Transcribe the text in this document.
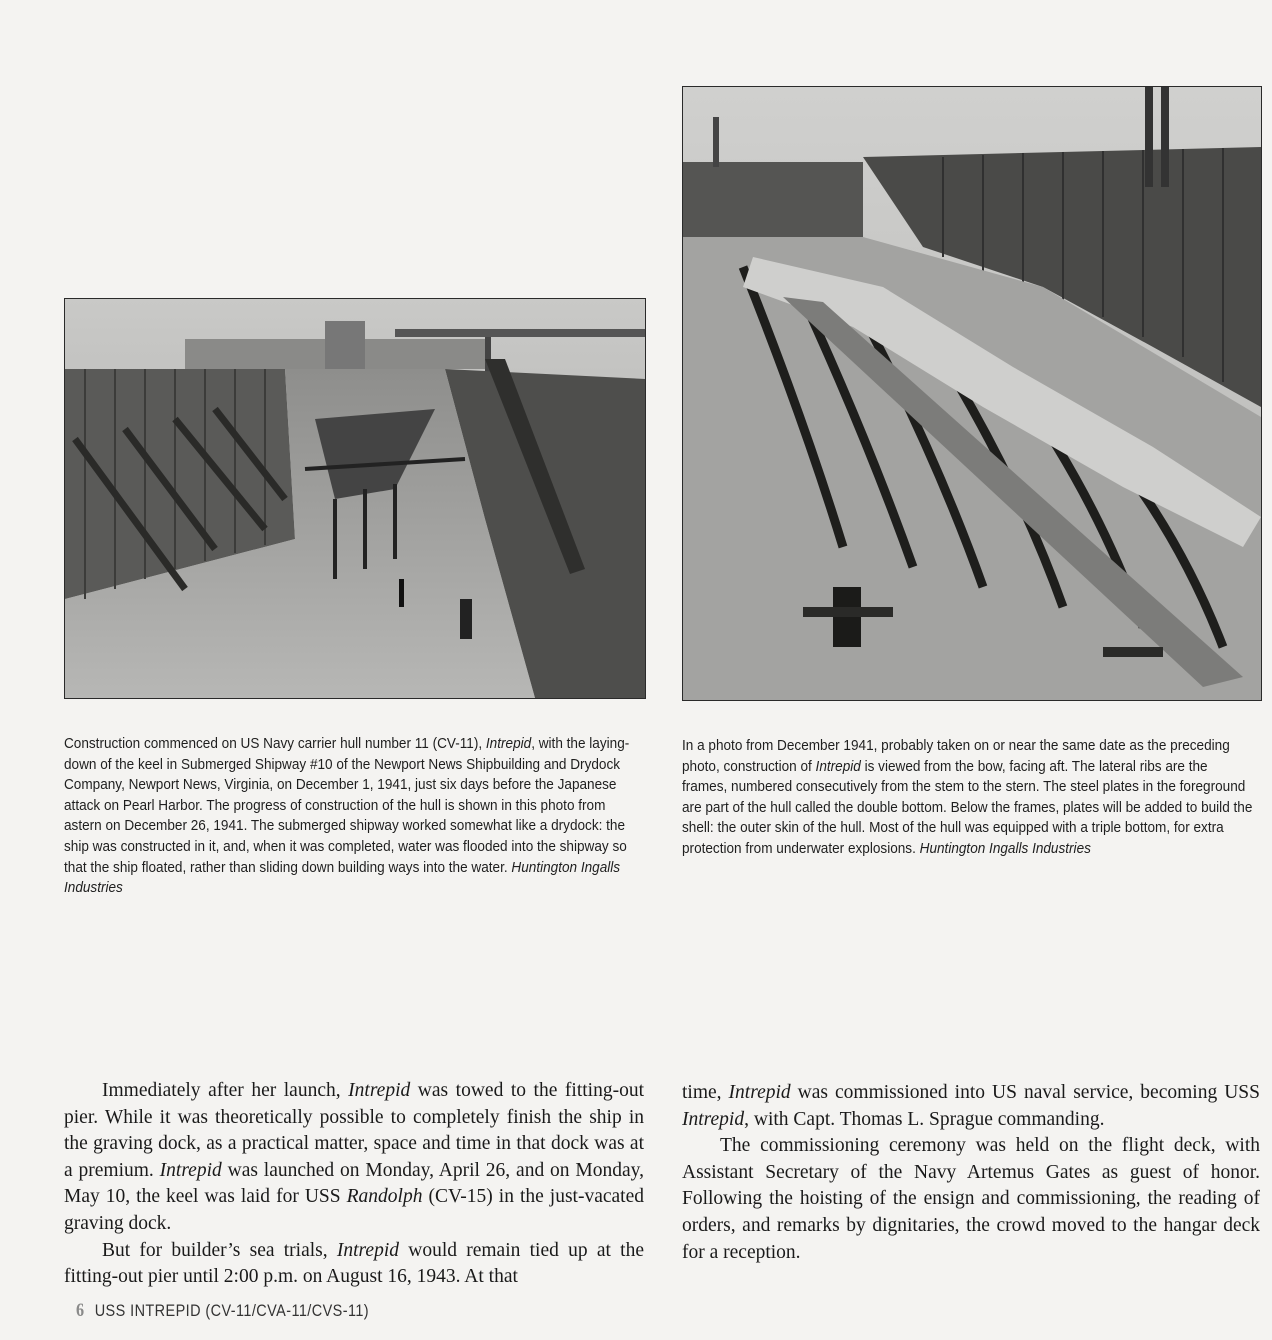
Construction commenced on US Navy carrier hull number 11 (CV-11), Intrepid, with the laying-down of the keel in Submerged Shipway #10 of the Newport News Shipbuilding and Drydock Company, Newport News, Virginia, on December 1, 1941, just six days before the Japanese attack on Pearl Harbor. The progress of construction of the hull is shown in this photo from astern on December 26, 1941. The submerged shipway worked somewhat like a drydock: the ship was constructed in it, and, when it was completed, water was flooded into the shipway so that the ship floated, rather than sliding down building ways into the water. Huntington Ingalls Industries
In a photo from December 1941, probably taken on or near the same date as the preceding photo, construction of Intrepid is viewed from the bow, facing aft. The lateral ribs are the frames, numbered consecutively from the stem to the stern. The steel plates in the foreground are part of the hull called the double bottom. Below the frames, plates will be added to build the shell: the outer skin of the hull. Most of the hull was equipped with a triple bottom, for extra protection from underwater explosions. Huntington Ingalls Industries

Immediately after her launch, Intrepid was towed to the fitting-out pier. While it was theoretically possible to completely finish the ship in the graving dock, as a practical matter, space and time in that dock was at a premium. Intrepid was launched on Monday, April 26, and on Monday, May 10, the keel was laid for USS Randolph (CV-15) in the just-vacated graving dock.

But for builder’s sea trials, Intrepid would remain tied up at the fitting-out pier until 2:00 p.m. on August 16, 1943. At that

time, Intrepid was commissioned into US naval service, becoming USS Intrepid, with Capt. Thomas L. Sprague commanding.

The commissioning ceremony was held on the flight deck, with Assistant Secretary of the Navy Artemus Gates as guest of honor. Following the hoisting of the ensign and commissioning, the reading of orders, and remarks by dignitaries, the crowd moved to the hangar deck for a reception.

6 USS INTREPID (CV-11/CVA-11/CVS-11)
